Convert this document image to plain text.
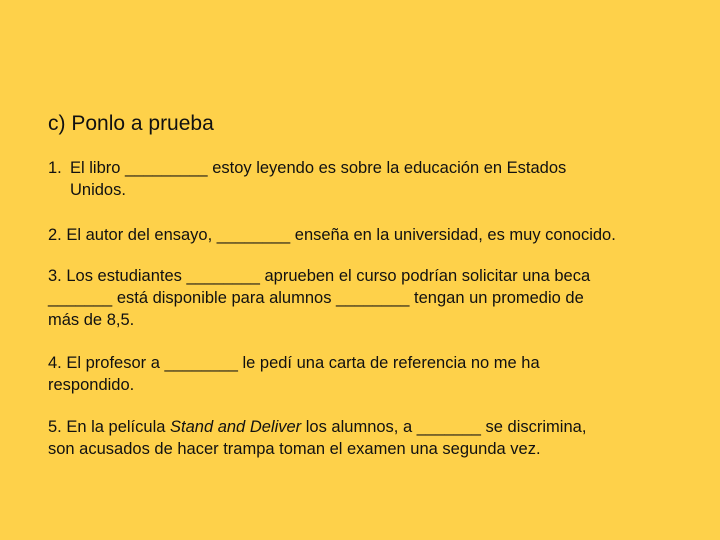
c) Ponlo a prueba
1. El libro _________ estoy leyendo es sobre la educación en Estados
Unidos.
2. El autor del ensayo, ________ enseña en la universidad, es muy conocido.
3. Los estudiantes ________ aprueben el curso podrían solicitar una beca
_______ está disponible para alumnos ________ tengan un promedio de
más de 8,5.
4. El profesor a ________ le pedí una carta de referencia no me ha
respondido.
5. En la película Stand and Deliver los alumnos, a _______ se discrimina,
son acusados de hacer trampa toman el examen una segunda vez.
